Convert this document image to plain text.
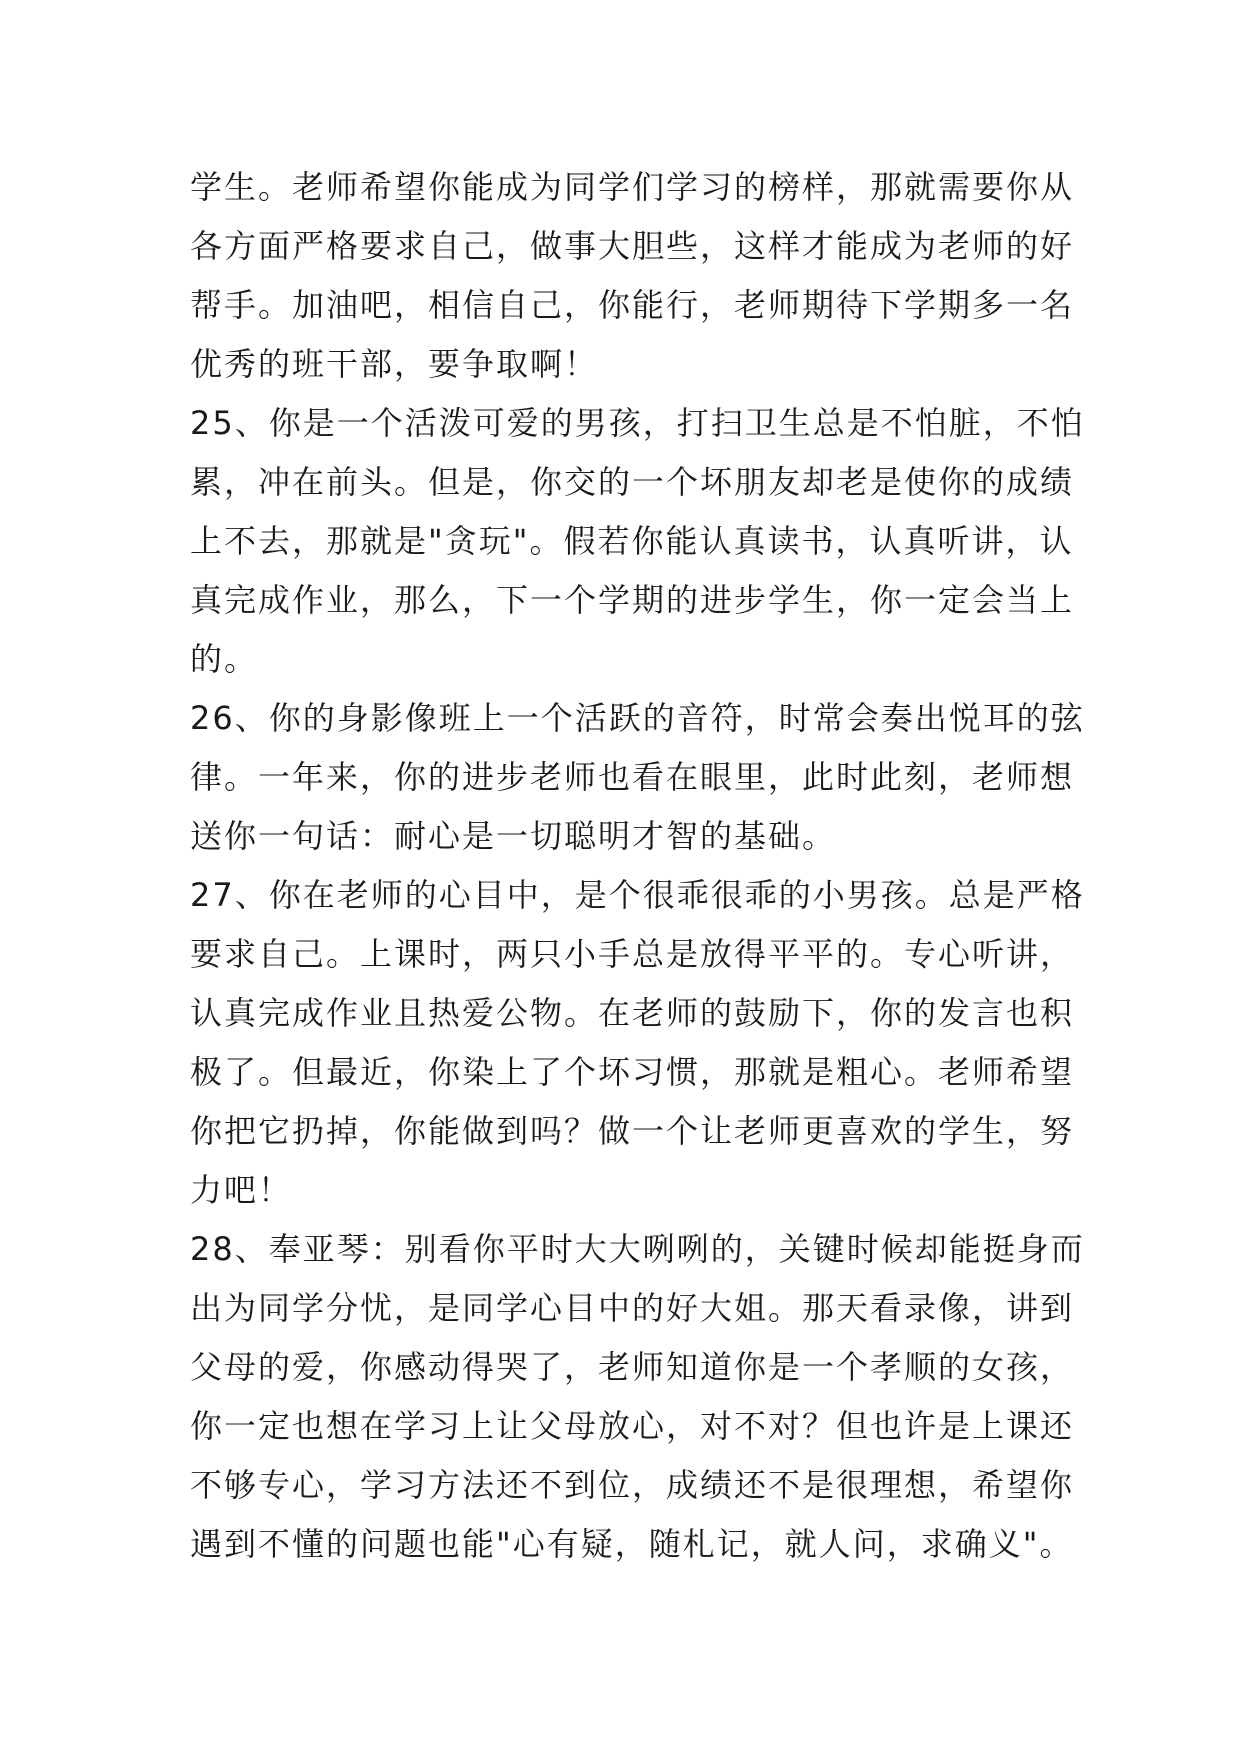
学生。老师希望你能成为同学们学习的榜样，那就需要你从
各方面严格要求自己，做事大胆些，这样才能成为老师的好
帮手。加油吧，相信自己，你能行，老师期待下学期多一名
优秀的班干部，要争取啊！
25、你是一个活泼可爱的男孩，打扫卫生总是不怕脏，不怕
累，冲在前头。但是，你交的一个坏朋友却老是使你的成绩
上不去，那就是"贪玩"。假若你能认真读书，认真听讲，认
真完成作业，那么，下一个学期的进步学生，你一定会当上
的。
26、你的身影像班上一个活跃的音符，时常会奏出悦耳的弦
律。一年来，你的进步老师也看在眼里，此时此刻，老师想
送你一句话：耐心是一切聪明才智的基础。
27、你在老师的心目中，是个很乖很乖的小男孩。总是严格
要求自己。上课时，两只小手总是放得平平的。专心听讲，
认真完成作业且热爱公物。在老师的鼓励下，你的发言也积
极了。但最近，你染上了个坏习惯，那就是粗心。老师希望
你把它扔掉，你能做到吗？做一个让老师更喜欢的学生，努
力吧！
28、奉亚琴：别看你平时大大咧咧的，关键时候却能挺身而
出为同学分忧，是同学心目中的好大姐。那天看录像，讲到
父母的爱，你感动得哭了，老师知道你是一个孝顺的女孩，
你一定也想在学习上让父母放心，对不对？但也许是上课还
不够专心，学习方法还不到位，成绩还不是很理想，希望你
遇到不懂的问题也能"心有疑，随札记，就人问，求确义"。
